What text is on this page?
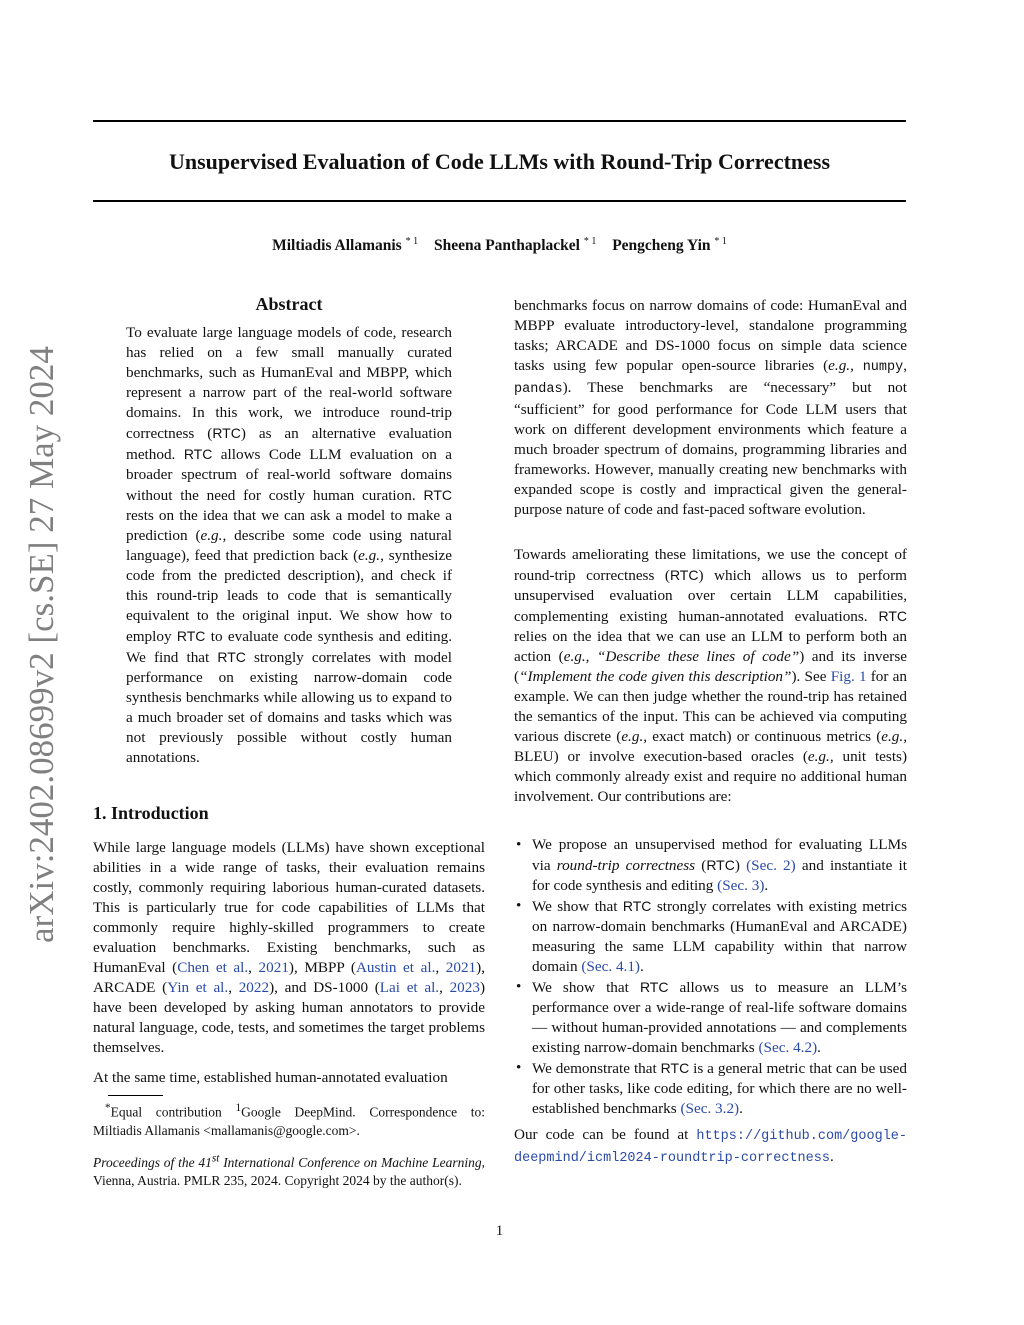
arXiv:2402.08699v2 [cs.SE] 27 May 2024
Unsupervised Evaluation of Code LLMs with Round-Trip Correctness
Miltiadis Allamanis $^{* 1}$ Sheena Panthaplackel $^{* 1}$ Pengcheng Yin $^{* 1}$
Abstract

To evaluate large language models of code, research has relied on a few small manually curated benchmarks, such as HumanEval and MBPP, which represent a narrow part of the real-world software domains. In this work, we introduce round-trip correctness (RTC) as an alternative evaluation method. RTC allows Code LLM evaluation on a broader spectrum of real-world software domains without the need for costly human curation. RTC rests on the idea that we can ask a model to make a prediction (e.g., describe some code using natural language), feed that prediction back (e.g., synthesize code from the predicted description), and check if this round-trip leads to code that is semantically equivalent to the original input. We show how to employ RTC to evaluate code synthesis and editing. We find that RTC strongly correlates with model performance on existing narrow-domain code synthesis benchmarks while allowing us to expand to a much broader set of domains and tasks which was not previously possible without costly human annotations.

1. Introduction

While large language models (LLMs) have shown exceptional abilities in a wide range of tasks, their evaluation remains costly, commonly requiring laborious human-curated datasets. This is particularly true for code capabilities of LLMs that commonly require highly-skilled programmers to create evaluation benchmarks. Existing benchmarks, such as HumanEval (Chen et al., 2021), MBPP (Austin et al., 2021), ARCADE (Yin et al., 2022), and DS-1000 (Lai et al., 2023) have been developed by asking human annotators to provide natural language, code, tests, and sometimes the target problems themselves.

At the same time, established human-annotated evaluation

*Equal contribution $^1$Google DeepMind. Correspondence to: Miltiadis Allamanis <mallamanis@google.com>.

Proceedings of the 41st International Conference on Machine Learning, Vienna, Austria. PMLR 235, 2024. Copyright 2024 by the author(s).

benchmarks focus on narrow domains of code: HumanEval and MBPP evaluate introductory-level, standalone programming tasks; ARCADE and DS-1000 focus on simple data science tasks using few popular open-source libraries (e.g., numpy, pandas). These benchmarks are “necessary” but not “sufficient” for good performance for Code LLM users that work on different development environments which feature a much broader spectrum of domains, programming libraries and frameworks. However, manually creating new benchmarks with expanded scope is costly and impractical given the general-purpose nature of code and fast-paced software evolution.

Towards ameliorating these limitations, we use the concept of round-trip correctness (RTC) which allows us to perform unsupervised evaluation over certain LLM capabilities, complementing existing human-annotated evaluations. RTC relies on the idea that we can use an LLM to perform both an action (e.g., “Describe these lines of code”) and its inverse (“Implement the code given this description”). See Fig. 1 for an example. We can then judge whether the round-trip has retained the semantics of the input. This can be achieved via computing various discrete (e.g., exact match) or continuous metrics (e.g., BLEU) or involve execution-based oracles (e.g., unit tests) which commonly already exist and require no additional human involvement. Our contributions are:

• We propose an unsupervised method for evaluating LLMs via round-trip correctness (RTC) (Sec. 2) and instantiate it for code synthesis and editing (Sec. 3).
• We show that RTC strongly correlates with existing metrics on narrow-domain benchmarks (HumanEval and ARCADE) measuring the same LLM capability within that narrow domain (Sec. 4.1).
• We show that RTC allows us to measure an LLM’s performance over a wide-range of real-life software domains — without human-provided annotations — and complements existing narrow-domain benchmarks (Sec. 4.2).
• We demonstrate that RTC is a general metric that can be used for other tasks, like code editing, for which there are no well-established benchmarks (Sec. 3.2).

Our code can be found at https://github.com/google-deepmind/icml2024-roundtrip-correctness.

1
